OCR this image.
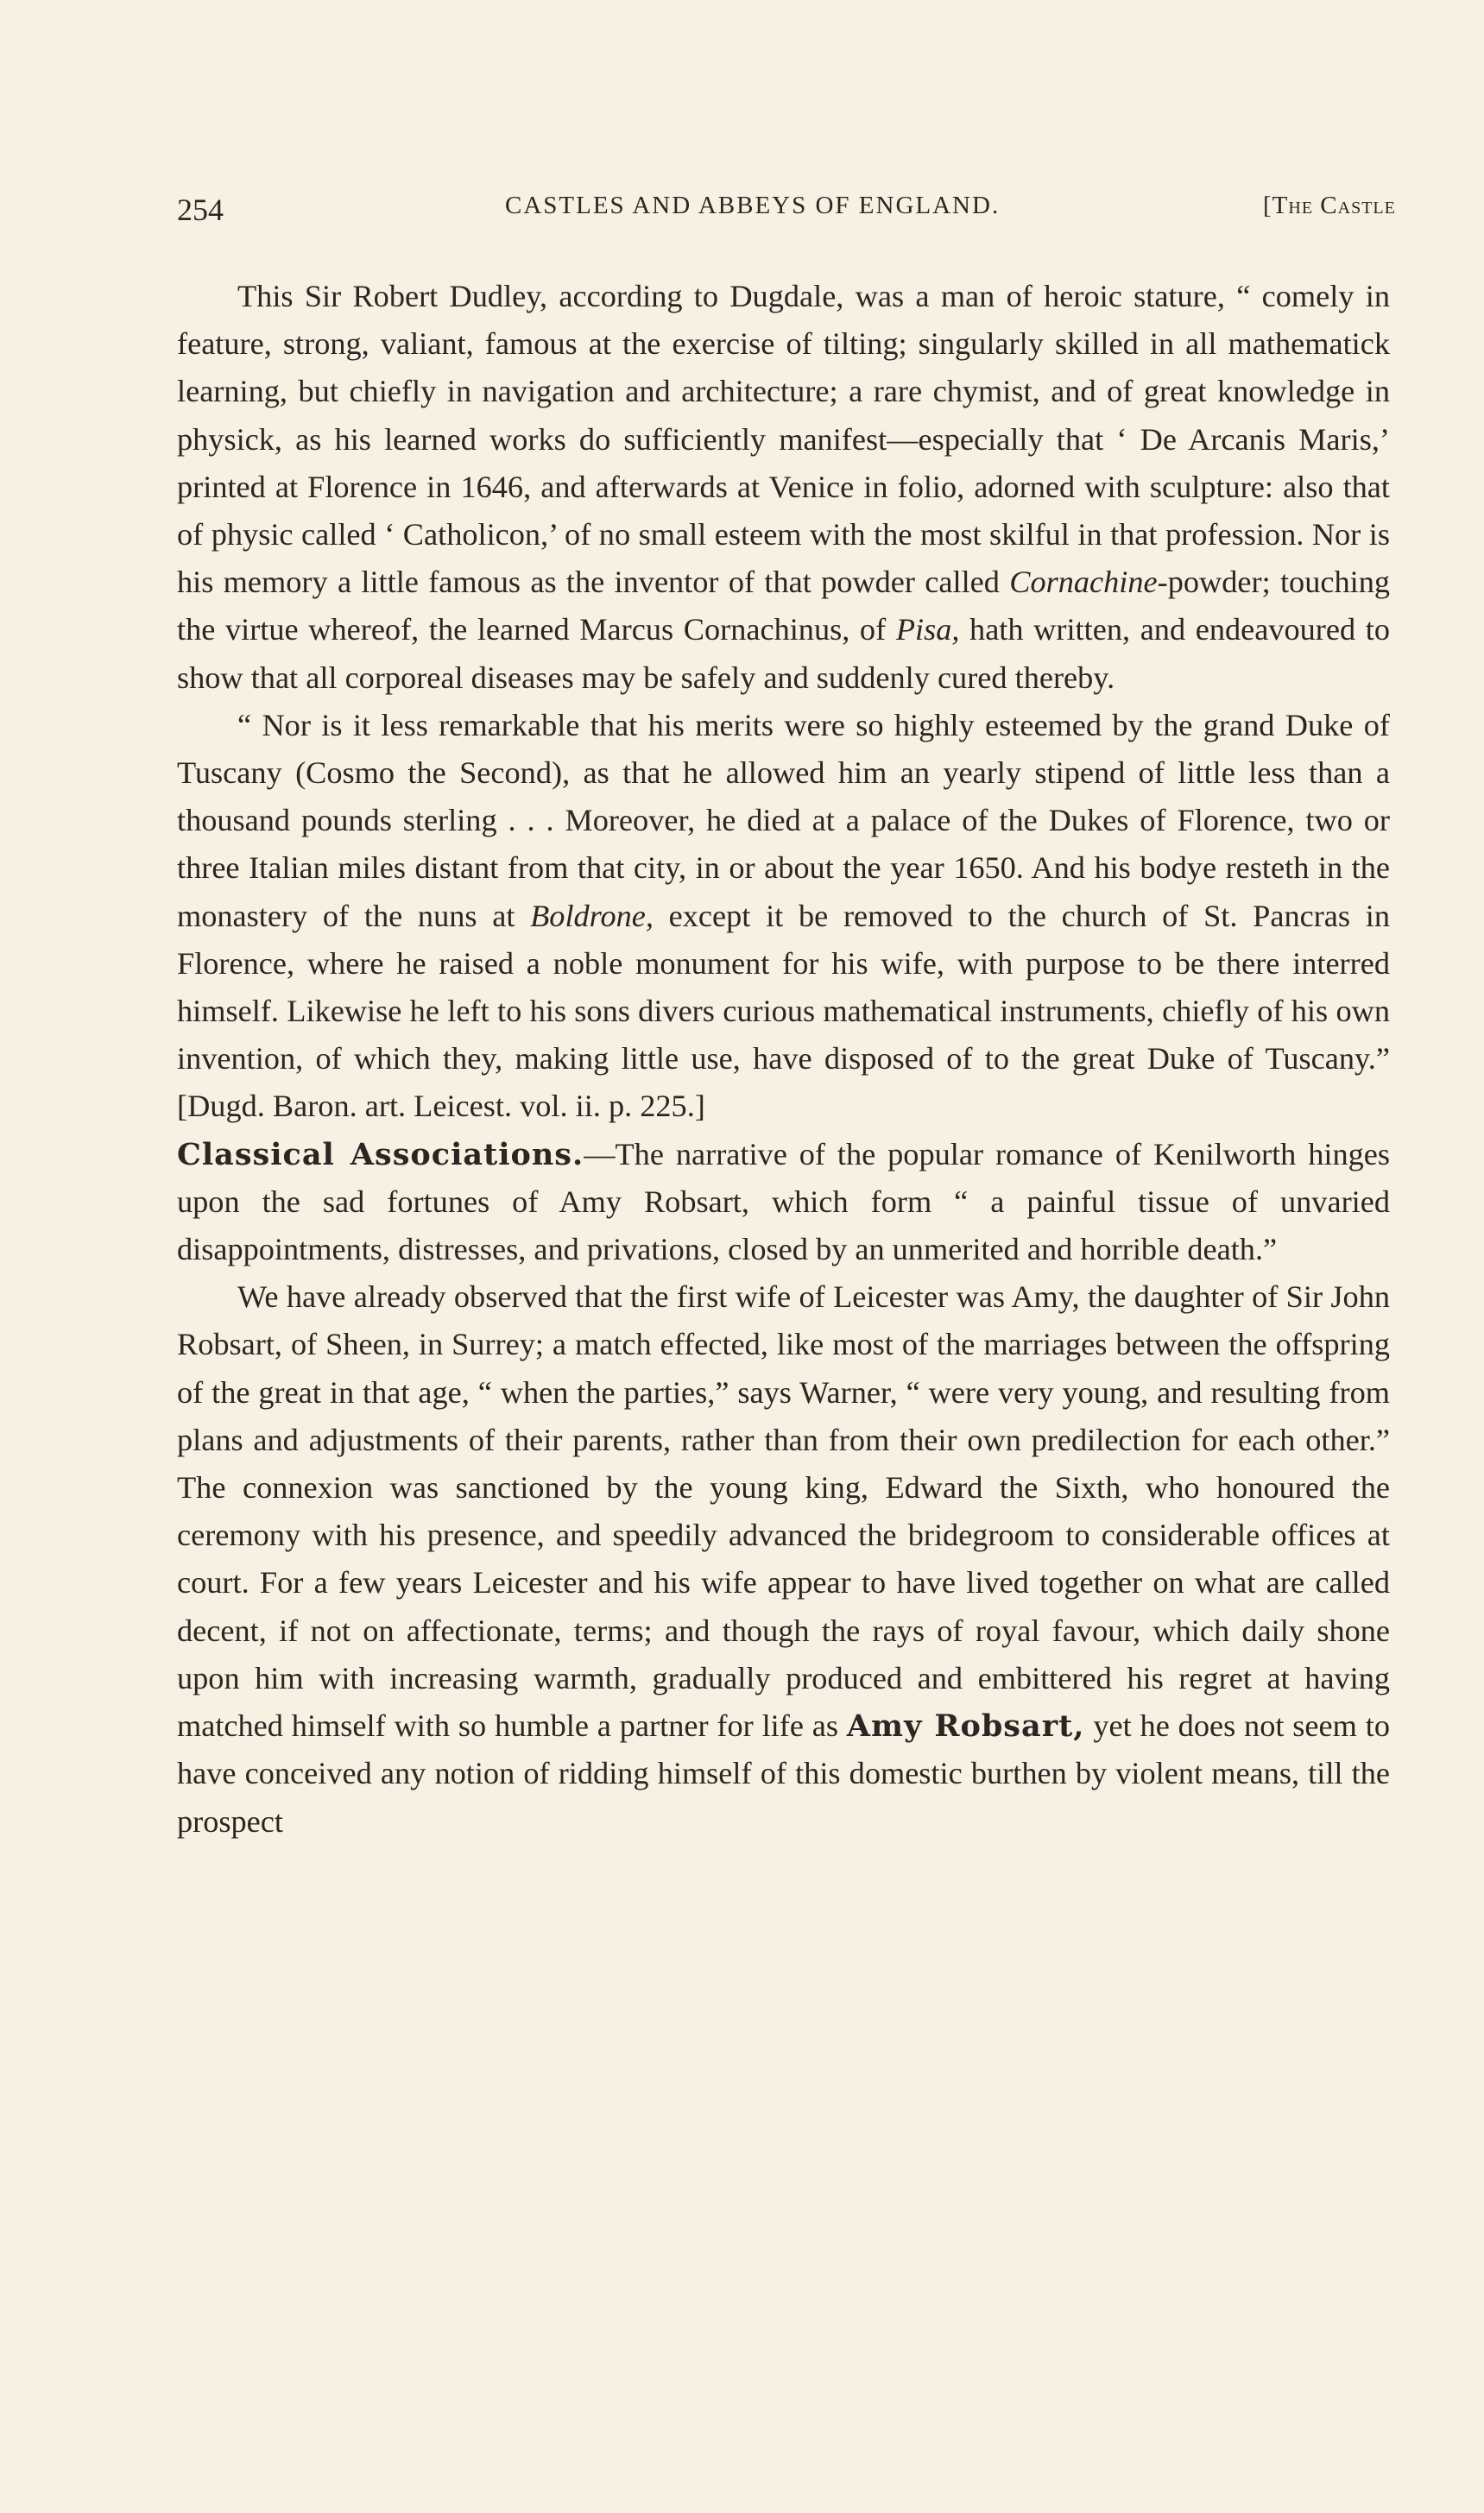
254	CASTLES AND ABBEYS OF ENGLAND.	[The Castle

This Sir Robert Dudley, according to Dugdale, was a man of heroic stature, “ comely in feature, strong, valiant, famous at the exercise of tilting; singularly skilled in all mathematick learning, but chiefly in navigation and architecture; a rare chymist, and of great knowledge in physick, as his learned works do sufficiently manifest—especially that ‘ De Arcanis Maris,’ printed at Florence in 1646, and afterwards at Venice in folio, adorned with sculpture: also that of physic called ‘ Catholicon,’ of no small esteem with the most skilful in that profession. Nor is his memory a little famous as the inventor of that powder called Cornachine-powder; touching the virtue whereof, the learned Marcus Cornachinus, of Pisa, hath written, and endeavoured to show that all corporeal diseases may be safely and suddenly cured thereby.

“ Nor is it less remarkable that his merits were so highly esteemed by the grand Duke of Tuscany (Cosmo the Second), as that he allowed him an yearly stipend of little less than a thousand pounds sterling . . . Moreover, he died at a palace of the Dukes of Florence, two or three Italian miles distant from that city, in or about the year 1650. And his bodye resteth in the monastery of the nuns at Boldrone, except it be removed to the church of St. Pancras in Florence, where he raised a noble monument for his wife, with purpose to be there interred himself. Likewise he left to his sons divers curious mathematical instruments, chiefly of his own invention, of which they, making little use, have disposed of to the great Duke of Tuscany.” [Dugd. Baron. art. Leicest. vol. ii. p. 225.]

Classical Associations.—The narrative of the popular romance of Kenilworth hinges upon the sad fortunes of Amy Robsart, which form “ a painful tissue of unvaried disappointments, distresses, and privations, closed by an unmerited and horrible death.”

We have already observed that the first wife of Leicester was Amy, the daughter of Sir John Robsart, of Sheen, in Surrey; a match effected, like most of the marriages between the offspring of the great in that age, “ when the parties,” says Warner, “ were very young, and resulting from plans and adjustments of their parents, rather than from their own predilection for each other.” The connexion was sanctioned by the young king, Edward the Sixth, who honoured the ceremony with his presence, and speedily advanced the bridegroom to considerable offices at court. For a few years Leicester and his wife appear to have lived together on what are called decent, if not on affectionate, terms; and though the rays of royal favour, which daily shone upon him with increasing warmth, gradually produced and embittered his regret at having matched himself with so humble a partner for life as Amy Robsart, yet he does not seem to have conceived any notion of ridding himself of this domestic burthen by violent means, till the prospect
